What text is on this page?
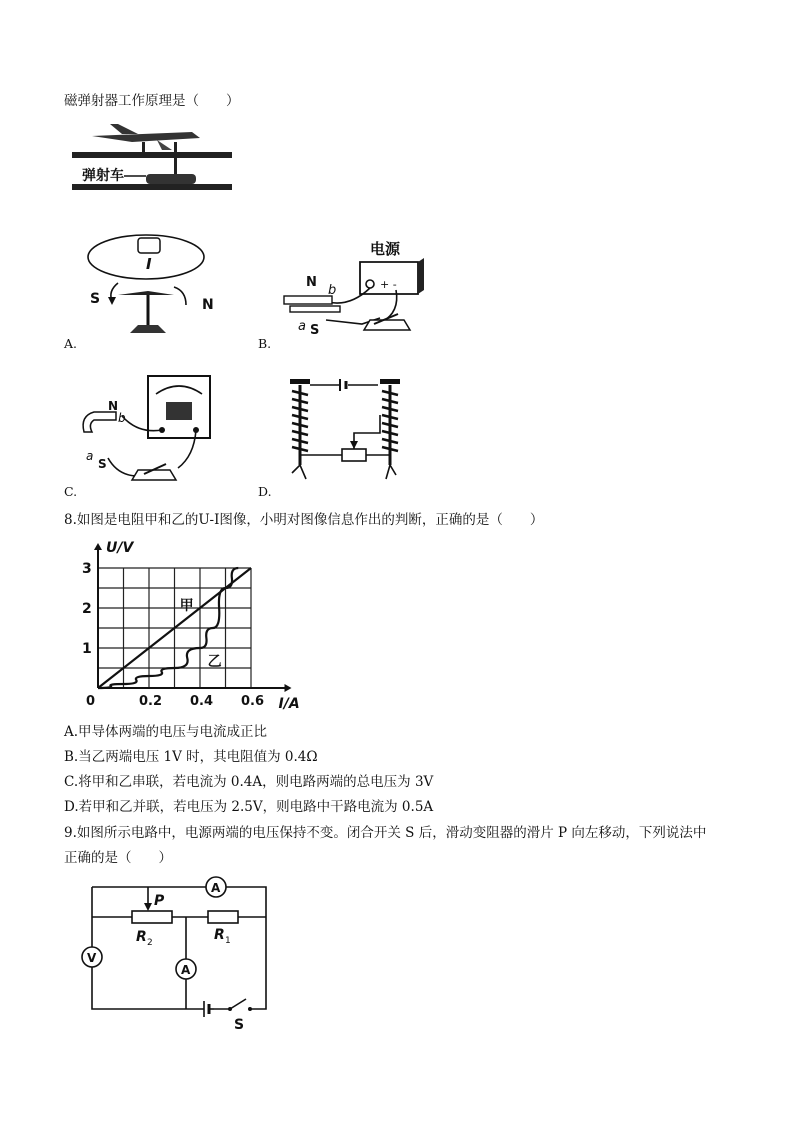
磁弹射器工作原理是（　　）
弹射车
I
S	N
A.
电源
+ -
N
b
a S
B.
N
b
a
S
C.	D.
8.如图是电阻甲和乙的U-I图像，小明对图像信息作出的判断，正确的是（　　）
U/V
I/A
0	0.2 0.4 0.6
1
2
3
甲
乙
A.甲导体两端的电压与电流成正比
B.当乙两端电压 1V 时，其电阻值为 0.4Ω
C.将甲和乙串联，若电流为 0.4A，则电路两端的总电压为 3V
D.若甲和乙并联，若电压为 2.5V，则电路中干路电流为 0.5A
9.如图所示电路中，电源两端的电压保持不变。闭合开关 S 后，滑动变阻器的滑片 P 向左移动，下列说法中
正确的是（　　）
A
P
R 2	R 1
A
V
S
